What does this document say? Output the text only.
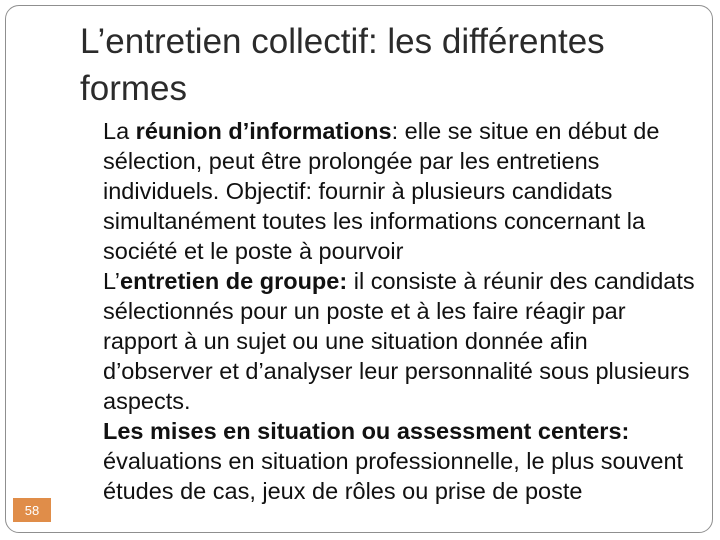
L’entretien collectif: les différentes formes

La réunion d’informations: elle se situe en début de sélection, peut être prolongée par les entretiens individuels. Objectif: fournir à plusieurs candidats simultanément toutes les informations concernant la société et le poste à pourvoir

L’entretien de groupe: il consiste à réunir des candidats sélectionnés pour un poste et à les faire réagir par rapport à un sujet ou une situation donnée afin d’observer et d’analyser leur personnalité sous plusieurs aspects.

Les mises en situation ou assessment centers: évaluations en situation professionnelle, le plus souvent études de cas, jeux de rôles ou prise de poste

58
